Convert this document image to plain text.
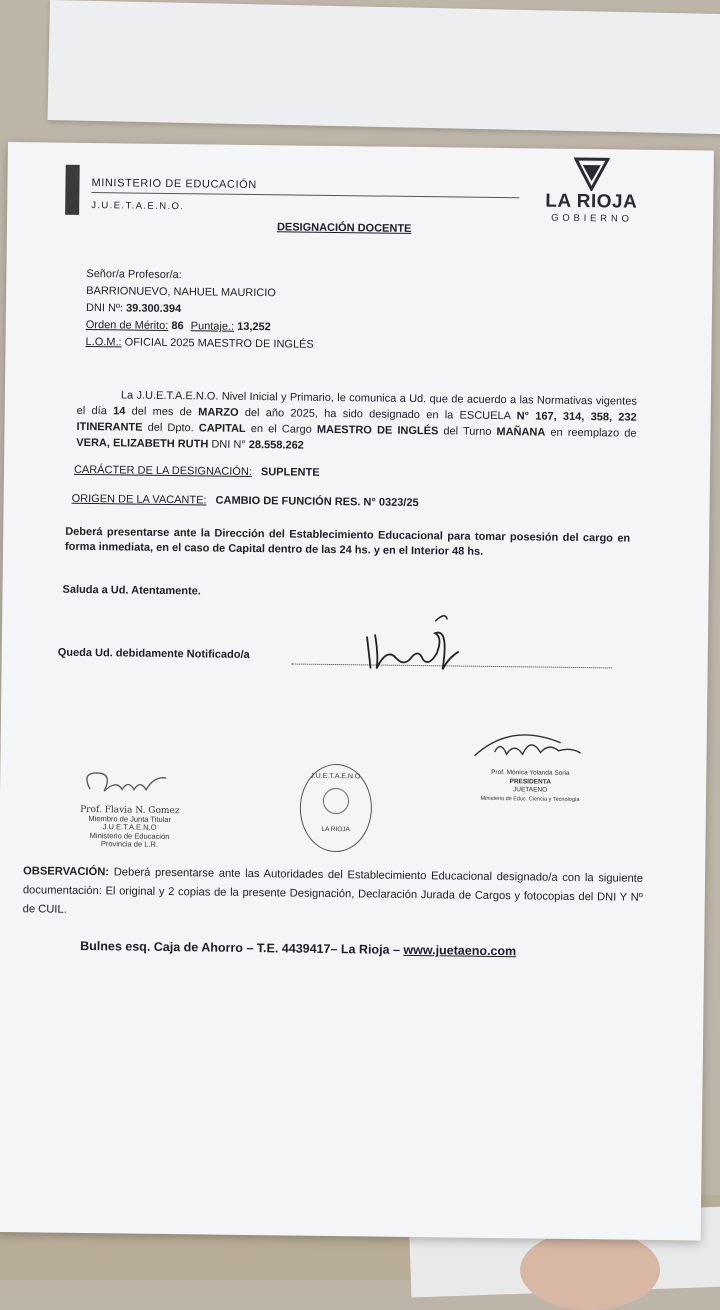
MINISTERIO DE EDUCACIÓN
J.U.E.T.A.E.N.O.	LA RIOJA
GOBIERNO
DESIGNACIÓN DOCENTE
Señor/a Profesor/a:
BARRIONUEVO, NAHUEL MAURICIO
DNI Nº: 39.300.394
Orden de Mérito: 86 Puntaje.: 13,252
L.O.M.: OFICIAL 2025 MAESTRO DE INGLÉS
La J.U.E.T.A.E.N.O. Nivel Inicial y Primario, le comunica a Ud. que de acuerdo a las Normativas vigentes el día 14 del mes de MARZO del año 2025, ha sido designado en la ESCUELA N° 167, 314, 358, 232 ITINERANTE del Dpto. CAPITAL en el Cargo MAESTRO DE INGLÉS del Turno MAÑANA en reemplazo de VERA, ELIZABETH RUTH DNI N° 28.558.262
CARÁCTER DE LA DESIGNACIÓN: SUPLENTE
ORIGEN DE LA VACANTE: CAMBIO DE FUNCIÓN RES. N° 0323/25
Deberá presentarse ante la Dirección del Establecimiento Educacional para tomar posesión del cargo en forma inmediata, en el caso de Capital dentro de las 24 hs. y en el Interior 48 hs.
Saluda a Ud. Atentamente.
Queda Ud. debidamente Notificado/a
Prof. Flavia N. Gomez
Miembro de Junta Titular
J.U.E.T.A.E.N.O
Ministerio de Educación
Provincia de L.R.
J.U.E.T.A.E.N.O.
LA RIOJA
Prof. Mónica Yolanda Soria
PRESIDENTA
JUETAENO
Ministerio de Educ. Ciencia y Tecnología
OBSERVACIÓN: Deberá presentarse ante las Autoridades del Establecimiento Educacional designado/a con la siguiente documentación: El original y 2 copias de la presente Designación, Declaración Jurada de Cargos y fotocopias del DNI Y Nº de CUIL.
Bulnes esq. Caja de Ahorro – T.E. 4439417– La Rioja – www.juetaeno.com
